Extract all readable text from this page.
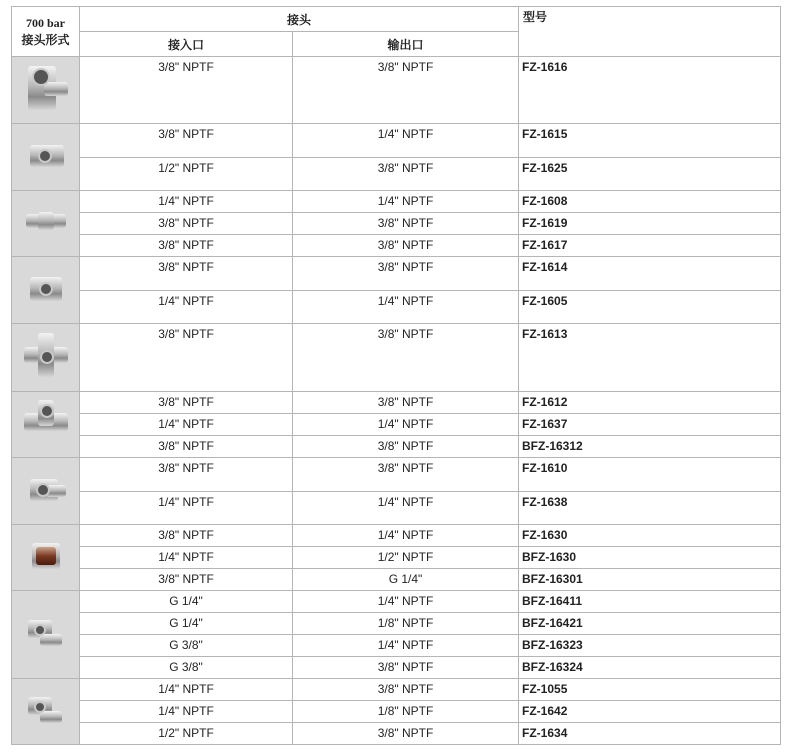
700 bar
接头形式	接头		型号
	接入口	输出口	

	3/8" NPTF	3/8" NPTF	FZ-1616

	3/8" NPTF	1/4" NPTF	FZ-1615
	1/2" NPTF	3/8" NPTF	FZ-1625

	1/4" NPTF	1/4" NPTF	FZ-1608
	3/8" NPTF	3/8" NPTF	FZ-1619
	3/8" NPTF	3/8" NPTF	FZ-1617

	3/8" NPTF	3/8" NPTF	FZ-1614
	1/4" NPTF	1/4" NPTF	FZ-1605

	3/8" NPTF	3/8" NPTF	FZ-1613

	3/8" NPTF	3/8" NPTF	FZ-1612
	1/4" NPTF	1/4" NPTF	FZ-1637
	3/8" NPTF	3/8" NPTF	BFZ-16312

	3/8" NPTF	3/8" NPTF	FZ-1610
	1/4" NPTF	1/4" NPTF	FZ-1638

	3/8" NPTF	1/4" NPTF	FZ-1630
	1/4" NPTF	1/2" NPTF	BFZ-1630
	3/8" NPTF	G 1/4"	BFZ-16301

	G 1/4"	1/4" NPTF	BFZ-16411
	G 1/4"	1/8" NPTF	BFZ-16421
	G 3/8"	1/4" NPTF	BFZ-16323
	G 3/8"	3/8" NPTF	BFZ-16324

	1/4" NPTF	3/8" NPTF	FZ-1055
	1/4" NPTF	1/8" NPTF	FZ-1642
	1/2" NPTF	3/8" NPTF	FZ-1634
